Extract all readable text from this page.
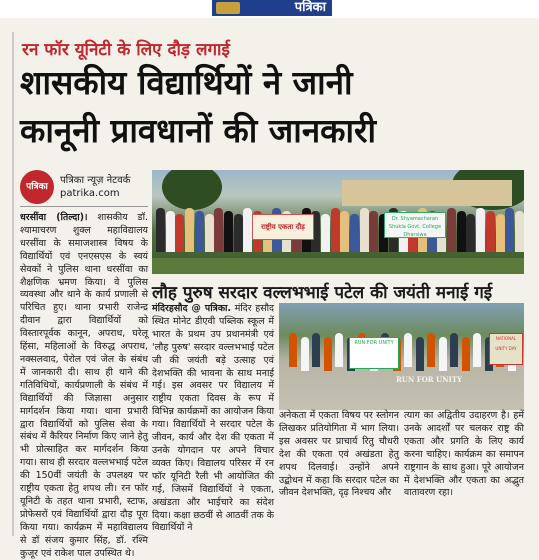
पत्रिका
रन फॉर यूनिटी के लिए दौड़ लगाई
शासकीय विद्यार्थियों ने जानी
कानूनी प्रावधानों की जानकारी
पत्रिका
पत्रिका न्यूज़ नेटवर्क
patrika.com
धरसींवा (तिल्दा)। शासकीय डॉ. श्यामाचरण शुक्ल महाविद्यालय धरसींवा के समाजशास्त्र विषय के विद्यार्थियों एवं एनएसएस के स्वयं सेवकों ने पुलिस थाना धरसींवा का शैक्षणिक भ्रमण किया। वे पुलिस व्यवस्था और थाने के कार्य प्रणाली से परिचित हुए। थाना प्रभारी राजेन्द्र दीवान द्वारा विद्यार्थियों को विस्तारपूर्वक कानून, अपराध, घरेलू हिंसा, महिलाओं के विरुद्ध अपराध, नक्सलवाद, पेरोल एवं जेल के संबंध में जानकारी दी। साथ ही थाने की गतिविधियों, कार्यप्रणाली के संबंध में विद्यार्थियों की जिज्ञासा अनुसार मार्गदर्शन किया गया। थाना प्रभारी द्वारा विद्यार्थियों को पुलिस सेवा के संबंध में कैरियर निर्माण किए जाने हेतु भी प्रोत्साहित कर मार्गदर्शन किया गया। साथ ही सरदार वल्लभभाई पटेल की 150वीं जयंती के उपलक्ष्य पर राष्ट्रीय एकता हेतु शपथ ली। रन फॉर यूनिटी के तहत थाना प्रभारी, स्टाफ, प्रोफेसरों एवं विद्यार्थियों द्वारा दौड़ पूरा किया गया। कार्यक्रम में महाविद्यालय से डॉ संजय कुमार सिंह, डॉ. रश्मि कुजूर एवं राकेश पाल उपस्थित थे।
राष्ट्रीय एकता दौड़
Dr. Shyamacharan Shukla Govt. College Dharsiwa
लौह पुरुष सरदार वल्लभभाई पटेल की जयंती मनाई गई
मंदिरहसौद @ पत्रिका. मंदिर हसौद स्थित मोनेट डीएवी पब्लिक स्कूल में भारत के प्रथम उप प्रधानमंत्री एवं 'लौह पुरुष' सरदार वल्लभभाई पटेल जी की जयंती बड़े उत्साह एवं देशभक्ति की भावना के साथ मनाई गई। इस अवसर पर विद्यालय में राष्ट्रीय एकता दिवस के रूप में विभिन्न कार्यक्रमों का आयोजन किया गया। विद्यार्थियों ने सरदार पटेल के जीवन, कार्य और देश की एकता में उनके योगदान पर अपने विचार व्यक्त किए। विद्यालय परिसर में रन फॉर यूनिटी रैली भी आयोजित की गई, जिसमें विद्यार्थियों ने एकता, अखंडता और भाईचारे का संदेश दिया। कक्षा छठवीं से आठवीं तक के विद्यार्थियों ने
RUN FOR UNITY
NATIONAL UNITY DAY
RUN FOR UNITY
अनेकता में एकता विषय पर स्लोगन लिखकर प्रतियोगिता में भाग लिया। इस अवसर पर प्राचार्य रितु चौधरी देश की एकता एवं अखंडता हेतु शपथ दिलवाई। उन्होंने अपने उद्बोधन में कहा कि सरदार पटेल का जीवन देशभक्ति, दृढ़ निश्चय और
त्याग का अद्वितीय उदाहरण है। हमें उनके आदर्शों पर चलकर राष्ट्र की एकता और प्रगति के लिए कार्य करना चाहिए। कार्यक्रम का समापन राष्ट्रगान के साथ हुआ। पूरे आयोजन में देशभक्ति और एकता का अद्भुत वातावरण रहा।
